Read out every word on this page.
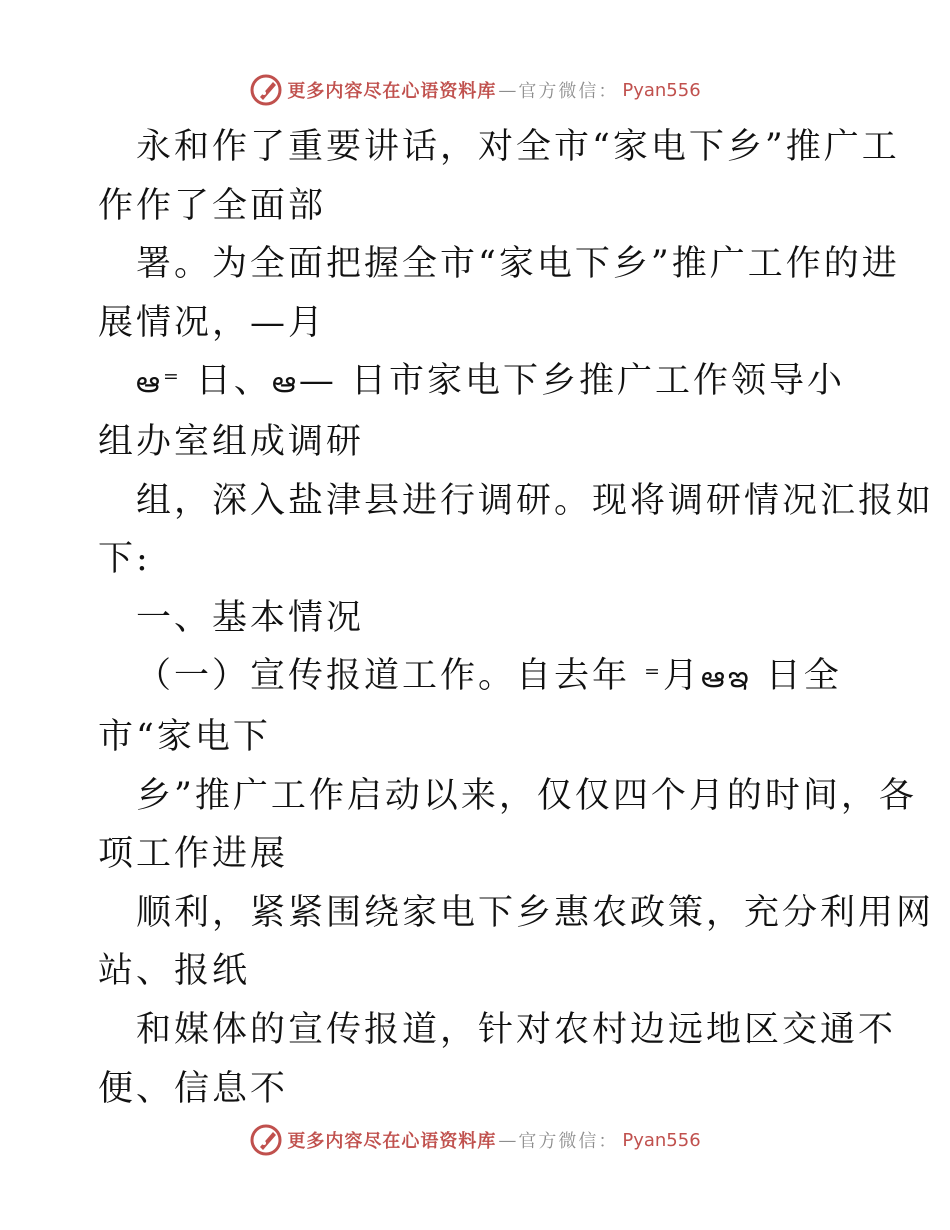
更多内容尽在心语资料库 — 官方微信： Pyan556
永和作了重要讲话，对全市“家电下乡”推广工
作作了全面部
署。为全面把握全市“家电下乡”推广工作的进
展情况，—月
ఆ⁼ 日、ఆ— 日市家电下乡推广工作领导小
组办室组成调研
组，深入盐津县进行调研。现将调研情况汇报如
下:
一、基本情况
（一）宣传报道工作。自去年 ⁼月ఆఇ 日全
市“家电下
乡”推广工作启动以来，仅仅四个月的时间，各
项工作进展
顺利，紧紧围绕家电下乡惠农政策，充分利用网
站、报纸
和媒体的宣传报道，针对农村边远地区交通不
便、信息不
更多内容尽在心语资料库 — 官方微信： Pyan556
